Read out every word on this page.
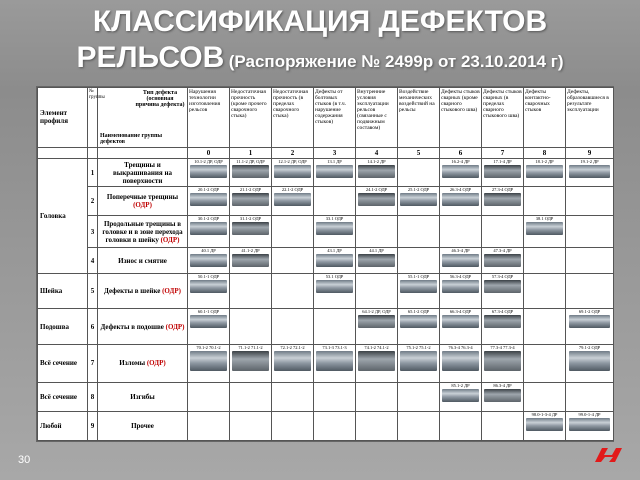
КЛАССИФИКАЦИЯ ДЕФЕКТОВ
РЕЛЬСОВ (Распоряжение № 2499р от 23.10.2014 г)
Элемент профиля	№ группы	Тип дефекта (основная причина дефекта)
Наименование группы дефектов	Нарушения технологии изготовления рельсов	Недостаточная прочность (кроме прочего сварочного стыка)	Недостаточная прочность (в пределах сварочного стыка)	Дефекты от болтовых стыков (в т.ч. нарушение содержания стыков)	Внутренние условия эксплуатации рельсов (связанные с подвижным составом)	Воздействие механических воздействий на рельсы	Дефекты стыков сварных (кроме сварного стыкового шва)	Дефекты стыков сварных (в пределах сварного стыкового шва)	Дефекты контактно-сварочных стыков	Дефекты, образовавшиеся в результате эксплуатации
			0	1	2	3	4	5	6	7	8	9
Головка	1	Трещины и выкрашивания на поверхности	10.1-2 ДР, ОДР	11.1-2 ДР, ОДР	12.1-2 ДР, ОДР	13.1 ДР	14.1-2 ДР		16.2-4 ДР	17.1-4 ДР	18.1-2 ДР	19.1-2 ДР

	2	Поперечные трещины (ОДР)	20.1-2 ОДР	21.1-2 ОДР	22.1-2 ОДР		24.1-2 ОДР	25.1-2 ОДР	26.3-4 ОДР	27.3-4 ОДР		

	3	Продольные трещины в головке и в зоне перехода головки в шейку (ОДР)	30.1-2 ОДР	31.1-2 ОДР		33.1 ОДР					38.1 ОДР	

	4	Износ и смятие	40.1 ДР	41.1-2 ДР		43.1 ДР	44.1 ДР		46.3-4 ДР	47.3-4 ДР		

Шейка	5	Дефекты в шейке (ОДР)	50.1-1 ОДР			53.1 ОДР		55.1-1 ОДР	56.3-4 ОДР	57.3-4 ОДР		

Подошва	6	Дефекты в подошве (ОДР)	60.1-1 ОДР				64.1-2 ДР, ОДР	65.1-2 ОДР	66.3-4 ОДР	67.3-4 ОДР		69.1-2 ОДР

Всё сечение	7	Изломы (ОДР)	70.1-2 70.1-2	71.1-2 71.1-2	72.1-2 72.1-2	73.1-3 73.1-3	74.1-2 74.1-2	75.1-2 75.1-2	76.3-4 76.3-4	77.3-4 77.3-4		79.1-2 ОДР

Всё сечение	8	Изгибы							85.1-2 ДР	86.3-4 ДР		

Любой	9	Прочее									98.0-1-3-4 ДР	99.0-1-4 ДР
30
